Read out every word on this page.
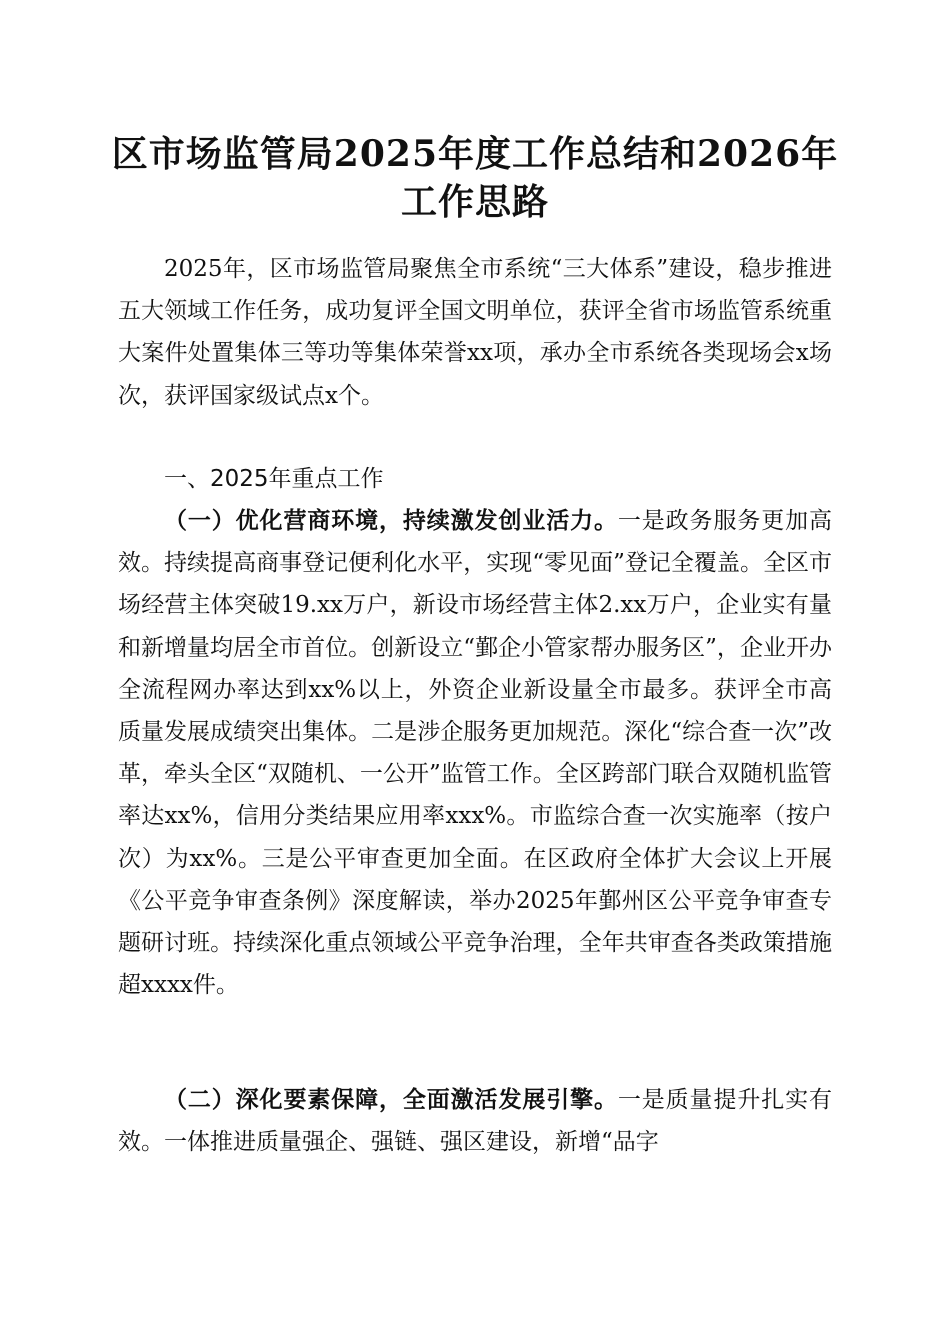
区市场监管局2025年度工作总结和2026年工作思路

2025年，区市场监管局聚焦全市系统“三大体系”建设，稳步推进五大领域工作任务，成功复评全国文明单位，获评全省市场监管系统重大案件处置集体三等功等集体荣誉xx项，承办全市系统各类现场会x场次，获评国家级试点x个。

一、2025年重点工作

（一）优化营商环境，持续激发创业活力。一是政务服务更加高效。持续提高商事登记便利化水平，实现“零见面”登记全覆盖。全区市场经营主体突破19.xx万户，新设市场经营主体2.xx万户，企业实有量和新增量均居全市首位。创新设立“鄞企小管家帮办服务区”，企业开办全流程网办率达到xx%以上，外资企业新设量全市最多。获评全市高质量发展成绩突出集体。二是涉企服务更加规范。深化“综合查一次”改革，牵头全区“双随机、一公开”监管工作。全区跨部门联合双随机监管率达xx%，信用分类结果应用率xxx%。市监综合查一次实施率（按户次）为xx%。三是公平审查更加全面。在区政府全体扩大会议上开展《公平竞争审查条例》深度解读，举办2025年鄞州区公平竞争审查专题研讨班。持续深化重点领域公平竞争治理，全年共审查各类政策措施超xxxx件。

（二）深化要素保障，全面激活发展引擎。一是质量提升扎实有效。一体推进质量强企、强链、强区建设，新增“品字
